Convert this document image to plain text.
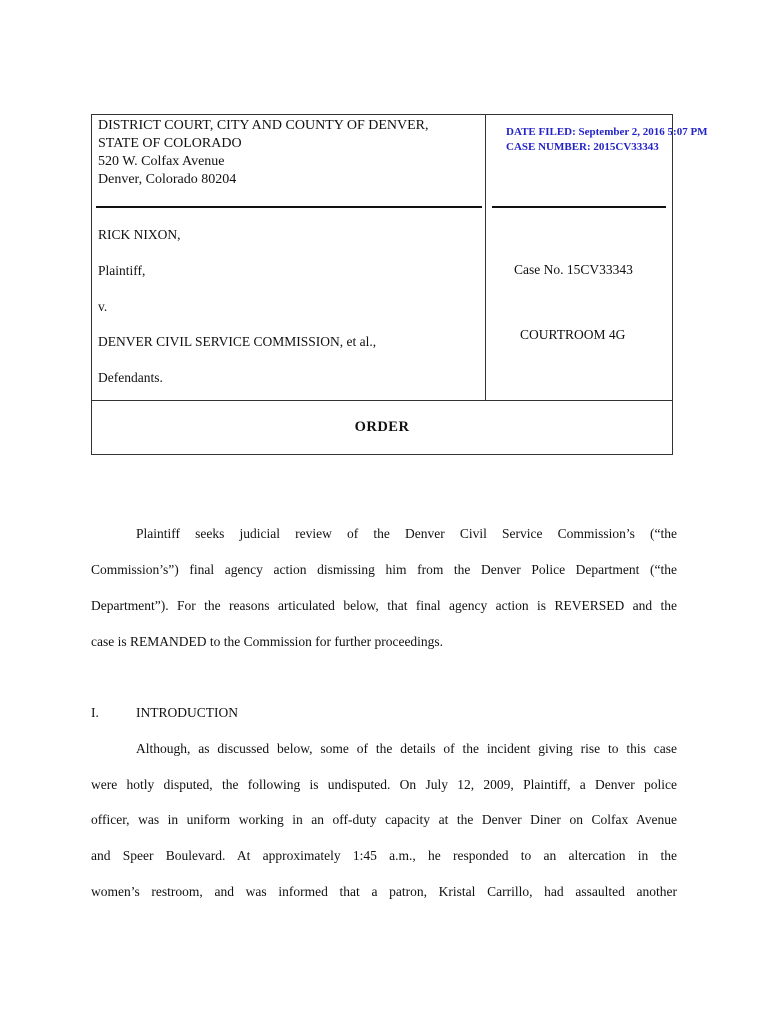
DISTRICT COURT, CITY AND COUNTY OF DENVER,
STATE OF COLORADO
520 W. Colfax Avenue
Denver, Colorado 80204
RICK NIXON,
Plaintiff,
v.
DENVER CIVIL SERVICE COMMISSION, et al.,
Defendants.
DATE FILED: September 2, 2016 5:07 PM
CASE NUMBER: 2015CV33343
Case No. 15CV33343
COURTROOM 4G
ORDER
Plaintiff seeks judicial review of the Denver Civil Service Commission’s (“the
Commission’s”) final agency action dismissing him from the Denver Police Department (“the
Department”). For the reasons articulated below, that final agency action is REVERSED and the
case is REMANDED to the Commission for further proceedings.
I.	INTRODUCTION
Although, as discussed below, some of the details of the incident giving rise to this case
were hotly disputed, the following is undisputed. On July 12, 2009, Plaintiff, a Denver police
officer, was in uniform working in an off-duty capacity at the Denver Diner on Colfax Avenue
and Speer Boulevard. At approximately 1:45 a.m., he responded to an altercation in the
women’s restroom, and was informed that a patron, Kristal Carrillo, had assaulted another
